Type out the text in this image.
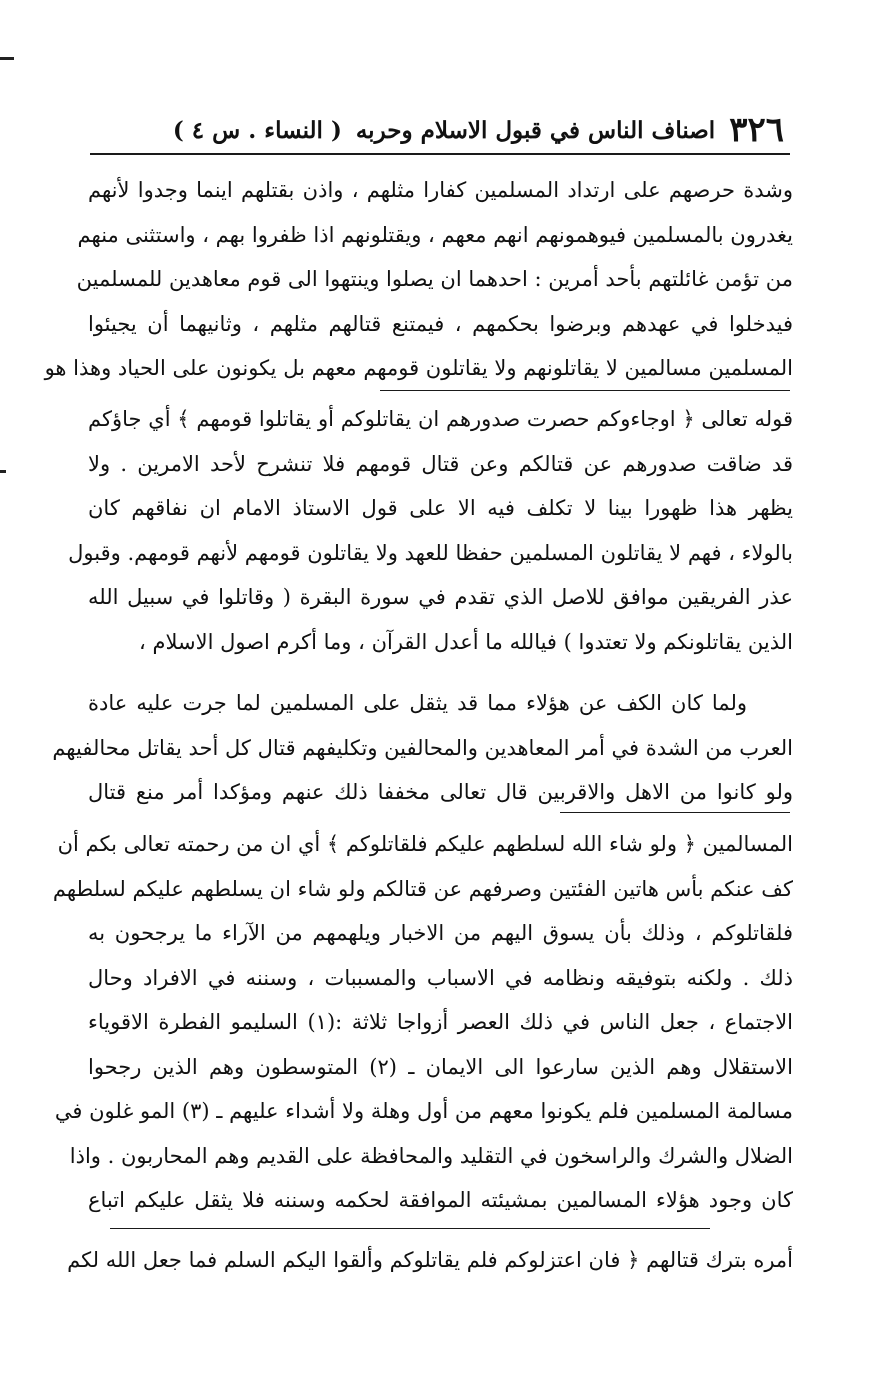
٣٢٦
اصناف الناس في قبول الاسلام وحربه
( النساء . س ٤ )
وشدة حرصهم على ارتداد المسلمين كفارا مثلهم ، واذن بقتلهم اينما وجدوا لأنهم
يغدرون بالمسلمين فيوهمونهم انهم معهم ، ويقتلونهم اذا ظفروا بهم ، واستثنى منهم
من تؤمن غائلتهم بأحد أمرين : احدهما ان يصلوا وينتهوا الى قوم معاهدين للمسلمين
فيدخلوا في عهدهم وبرضوا بحكمهم ، فيمتنع قتالهم مثلهم ، وثانيهما أن يجيئوا
المسلمين مسالمين لا يقاتلونهم ولا يقاتلون قومهم معهم بل يكونون على الحياد وهذا هو
قوله تعالى ﴿ اوجاءوكم حصرت صدورهم ان يقاتلوكم أو يقاتلوا قومهم ﴾ أي جاؤكم
قد ضاقت صدورهم عن قتالكم وعن قتال قومهم فلا تنشرح لأحد الامرين . ولا
يظهر هذا ظهورا بينا لا تكلف فيه الا على قول الاستاذ الامام ان نفاقهم كان
بالولاء ، فهم لا يقاتلون المسلمين حفظا للعهد ولا يقاتلون قومهم لأنهم قومهم. وقبول
عذر الفريقين موافق للاصل الذي تقدم في سورة البقرة ( وقاتلوا في سبيل الله
الذين يقاتلونكم ولا تعتدوا ) فيالله ما أعدل القرآن ، وما أكرم اصول الاسلام ،
ولما كان الكف عن هؤلاء مما قد يثقل على المسلمين لما جرت عليه عادة
العرب من الشدة في أمر المعاهدين والمحالفين وتكليفهم قتال كل أحد يقاتل محالفيهم
ولو كانوا من الاهل والاقربين قال تعالى مخففا ذلك عنهم ومؤكدا أمر منع قتال
المسالمين ﴿ ولو شاء الله لسلطهم عليكم فلقاتلوكم ﴾ أي ان من رحمته تعالى بكم أن
كف عنكم بأس هاتين الفئتين وصرفهم عن قتالكم ولو شاء ان يسلطهم عليكم لسلطهم
فلقاتلوكم ، وذلك بأن يسوق اليهم من الاخبار ويلهمهم من الآراء ما يرجحون به
ذلك . ولكنه بتوفيقه ونظامه في الاسباب والمسببات ، وسننه في الافراد وحال
الاجتماع ، جعل الناس في ذلك العصر أزواجا ثلاثة :(١) السليمو الفطرة الاقوياء
الاستقلال وهم الذين سارعوا الى الايمان ـ (٢) المتوسطون وهم الذين رجحوا
مسالمة المسلمين فلم يكونوا معهم من أول وهلة ولا أشداء عليهم ـ (٣) المو غلون في
الضلال والشرك والراسخون في التقليد والمحافظة على القديم وهم المحاربون . واذا
كان وجود هؤلاء المسالمين بمشيئته الموافقة لحكمه وسننه فلا يثقل عليكم اتباع
أمره بترك قتالهم ﴿ فان اعتزلوكم فلم يقاتلوكم وألقوا اليكم السلم فما جعل الله لكم
